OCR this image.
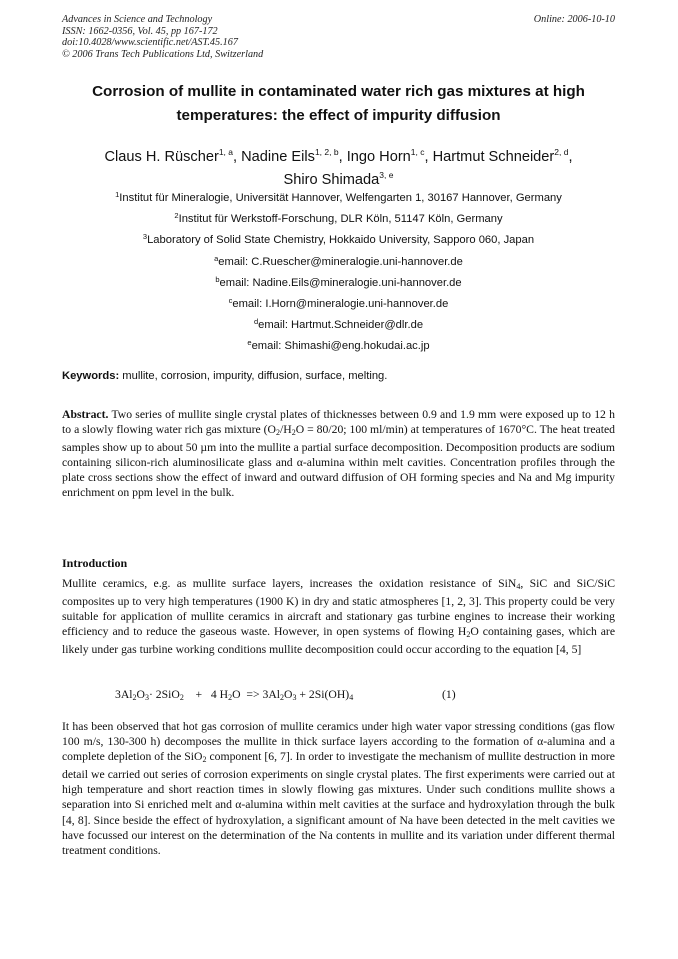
Advances in Science and Technology
ISSN: 1662-0356, Vol. 45, pp 167-172
doi:10.4028/www.scientific.net/AST.45.167
© 2006 Trans Tech Publications Ltd, Switzerland
Online: 2006-10-10
Corrosion of mullite in contaminated water rich gas mixtures at high
temperatures: the effect of impurity diffusion
Claus H. Rüscher$^{1, a}$, Nadine Eils$^{1, 2, b}$, Ingo Horn$^{1, c}$, Hartmut Schneider$^{2, d}$,
Shiro Shimada$^{3, e}$
$^1$Institut für Mineralogie, Universität Hannover, Welfengarten 1, 30167 Hannover, Germany
$^2$Institut für Werkstoff-Forschung, DLR Köln, 51147 Köln, Germany
$^3$Laboratory of Solid State Chemistry, Hokkaido University, Sapporo 060, Japan
$^a$email: C.Ruescher@mineralogie.uni-hannover.de
$^b$email: Nadine.Eils@mineralogie.uni-hannover.de
$^c$email: I.Horn@mineralogie.uni-hannover.de
$^d$email: Hartmut.Schneider@dlr.de
$^e$email: Shimashi@eng.hokudai.ac.jp
Keywords: mullite, corrosion, impurity, diffusion, surface, melting.
Abstract. Two series of mullite single crystal plates of thicknesses between 0.9 and 1.9 mm were exposed up to 12 h to a slowly flowing water rich gas mixture ($O_2/H_2O = 80/20$; 100 ml/min) at temperatures of 1670°C. The heat treated samples show up to about 50 µm into the mullite a partial surface decomposition. Decomposition products are sodium containing silicon-rich aluminosilicate glass and α-alumina within melt cavities. Concentration profiles through the plate cross sections show the effect of inward and outward diffusion of OH forming species and Na and Mg impurity enrichment on ppm level in the bulk.
Introduction
Mullite ceramics, e.g. as mullite surface layers, increases the oxidation resistance of SiN$_4$, SiC and SiC/SiC composites up to very high temperatures (1900 K) in dry and static atmospheres [1, 2, 3]. This property could be very suitable for application of mullite ceramics in aircraft and stationary gas turbine engines to increase their working efficiency and to reduce the gaseous waste. However, in open systems of flowing $H_2O$ containing gases, which are likely under gas turbine working conditions mullite decomposition could occur according to the equation [4, 5]
$3Al_2O_3\cdot 2SiO_2$    +   4 $H_2O => 3Al_2O_3 + 2Si(OH)_4$	(1)
It has been observed that hot gas corrosion of mullite ceramics under high water vapor stressing conditions (gas flow 100 m/s, 130-300 h) decomposes the mullite in thick surface layers according to the formation of α-alumina and a complete depletion of the SiO$_2$ component [6, 7]. In order to investigate the mechanism of mullite destruction in more detail we carried out series of corrosion experiments on single crystal plates. The first experiments were carried out at high temperature and short reaction times in slowly flowing gas mixtures. Under such conditions mullite shows a separation into Si enriched melt and α-alumina within melt cavities at the surface and hydroxylation through the bulk [4, 8]. Since beside the effect of hydroxylation, a significant amount of Na have been detected in the melt cavities we have focussed our interest on the determination of the Na contents in mullite and its variation under different thermal treatment conditions.
